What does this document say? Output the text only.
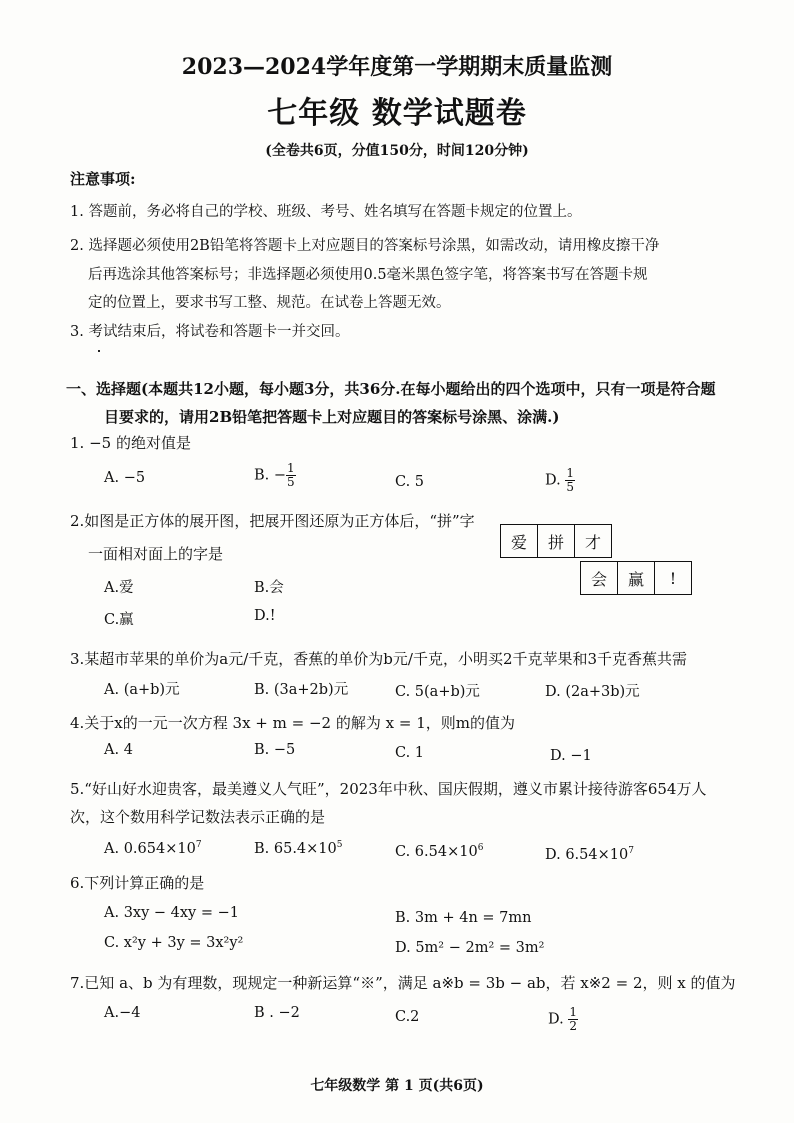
2023—2024学年度第一学期期末质量监测
七年级 数学试题卷
(全卷共6页，分值150分，时间120分钟)
注意事项:
1. 答题前，务必将自己的学校、班级、考号、姓名填写在答题卡规定的位置上。
2. 选择题必须使用2B铅笔将答题卡上对应题目的答案标号涂黑，如需改动，请用橡皮擦干净
后再选涂其他答案标号；非选择题必须使用0.5毫米黑色签字笔，将答案书写在答题卡规
定的位置上，要求书写工整、规范。在试卷上答题无效。
3. 考试结束后，将试卷和答题卡一并交回。
一、选择题(本题共12小题，每小题3分，共36分.在每小题给出的四个选项中，只有一项是符合题
目要求的，请用2B铅笔把答题卡上对应题目的答案标号涂黑、涂满.)
1. −5 的绝对值是
A. −5	B. − $\frac{1}{5}$	C. 5	D. $\frac{1}{5}$
2.如图是正方体的展开图，把展开图还原为正方体后，“拼”字
一面相对面上的字是
A.爱	B.会
C.赢	D.!
爱	拼	才
会	赢	!
3.某超市苹果的单价为a元/千克，香蕉的单价为b元/千克，小明买2千克苹果和3千克香蕉共需
A. (a+b)元	B. (3a+2b)元	C. 5(a+b)元	D. (2a+3b)元
4.关于x的一元一次方程 3x + m = −2 的解为 x = 1，则m的值为
A. 4	B. −5	C. 1	D. −1
5.“好山好水迎贵客，最美遵义人气旺”，2023年中秋、国庆假期，遵义市累计接待游客654万人
次，这个数用科学记数法表示正确的是
A. $0.654\times 10^7$	B. $65.4\times 10^5$	C. $6.54\times 10^6$	D. $6.54\times 10^7$
6.下列计算正确的是
A. 3xy − 4xy = −1	B. 3m + 4n = 7mn
C. x²y + 3y = 3x²y²	D. 5m² − 2m² = 3m²
7.已知 a、b 为有理数，现规定一种新运算“※”，满足 a※b = 3b − ab，若 x※2 = 2，则 x 的值为
A.−4	B . −2	C.2	D. $\frac{1}{2}$
七年级数学 第 1 页(共6页)
